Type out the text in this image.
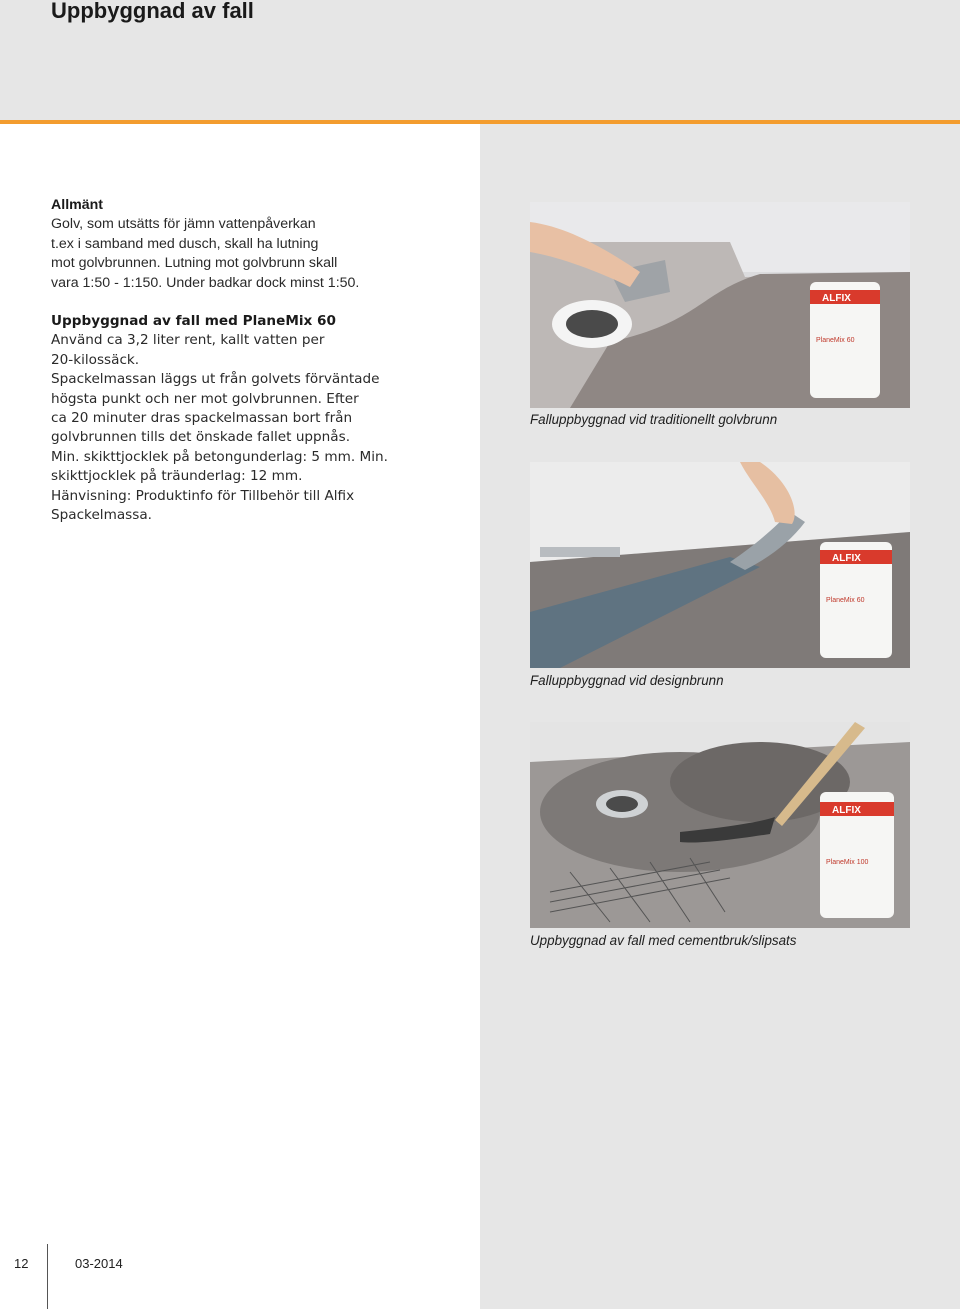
Uppbyggnad av fall

Allmänt

Golv, som utsätts för jämn vattenpåverkan

t.ex i samband med dusch, skall ha lutning

mot golvbrunnen. Lutning mot golvbrunn skall

vara 1:50 - 1:150. Under badkar dock minst 1:50.

Uppbyggnad av fall med PlaneMix 60

Använd ca 3,2 liter rent, kallt vatten per

20-kilossäck.

Spackelmassan läggs ut från golvets förväntade

högsta punkt och ner mot golvbrunnen. Efter

ca 20 minuter dras spackelmassan bort från

golvbrunnen tills det önskade fallet uppnås.

Min. skikttjocklek på betongunderlag: 5 mm. Min.

skikttjocklek på träunderlag: 12 mm.

Hänvisning: Produktinfo för Tillbehör till Alfix

Spackelmassa.

ALFIX
PlaneMix 60
Falluppbyggnad vid traditionellt golvbrunn
ALFIX
PlaneMix 60
Falluppbyggnad vid designbrunn
ALFIX
PlaneMix 100
Uppbyggnad av fall med cementbruk/slipsats
12	03-2014
